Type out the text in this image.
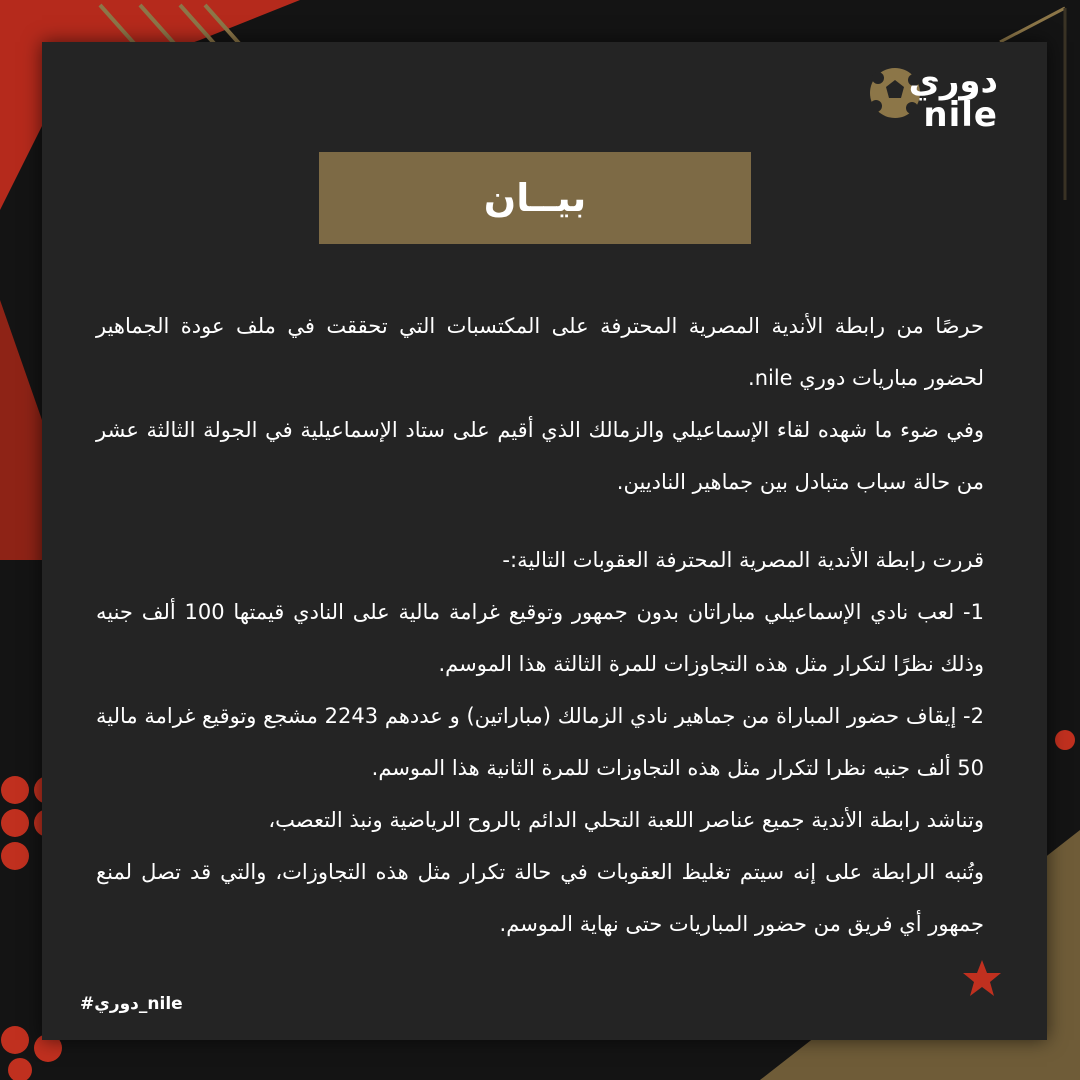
دوري
nile
بيــان

حرصًا من رابطة الأندية المصرية المحترفة على المكتسبات التي تحققت في ملف عودة الجماهير لحضور مباريات دوري nile.

وفي ضوء ما شهده لقاء الإسماعيلي والزمالك الذي أقيم على ستاد الإسماعيلية في الجولة الثالثة عشر من حالة سباب متبادل بين جماهير الناديين.

قررت رابطة الأندية المصرية المحترفة العقوبات التالية:-

1- لعب نادي الإسماعيلي مباراتان بدون جمهور وتوقيع غرامة مالية على النادي قيمتها 100 ألف جنيه وذلك نظرًا لتكرار مثل هذه التجاوزات للمرة الثالثة هذا الموسم.

2- إيقاف حضور المباراة من جماهير نادي الزمالك (مباراتين) و عددهم 2243 مشجع وتوقيع غرامة مالية 50 ألف جنيه نظرا لتكرار مثل هذه التجاوزات للمرة الثانية هذا الموسم.

وتناشد رابطة الأندية جميع عناصر اللعبة التحلي الدائم بالروح الرياضية ونبذ التعصب،

وتُنبه الرابطة على إنه سيتم تغليظ العقوبات في حالة تكرار مثل هذه التجاوزات، والتي قد تصل لمنع جمهور أي فريق من حضور المباريات حتى نهاية الموسم.

#دوري_nile
